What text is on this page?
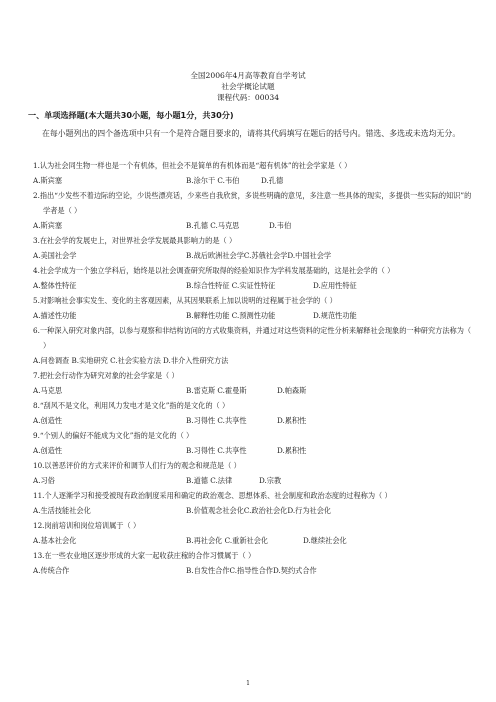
全国2006年4月高等教育自学考试
社会学概论试题
课程代码：00034
一、单项选择题(本大题共30小题，每小题1分，共30分)
在每小题列出的四个备选项中只有一个是符合题目要求的，请将其代码填写在题后的括号内。错选、多选或未选均无分。
1.认为社会同生物一样也是一个有机体，但社会不是简单的有机体而是“超有机体”的社会学家是（ ）
A.斯宾塞	B.涂尔干 C.韦伯	D.孔德
2.指出“少发些不着边际的空论，少说些漂亮话，少来些自我欣赏，多说些明确的意见，多注意一些具体的现实，多提供一些实际的知识”的学者是（ ）
A.斯宾塞	B.孔德 C.马克思	D.韦伯
3.在社会学的发展史上，对世界社会学发展最具影响力的是（ ）
A.美国社会学	B.战后欧洲社会学C.苏俄社会学D.中国社会学
4.社会学成为一个独立学科后，始终是以社会调查研究所取得的经验知识作为学科发展基础的，这是社会学的（ ）
A.整体性特征	B.综合性特征 C.实证性特征	D.应用性特征
5.对影响社会事实发生、变化的主客观因素，从其因果联系上加以说明的过程属于社会学的（ ）
A.描述性功能	B.解释性功能 C.预测性功能	D.规范性功能
6.一种深入研究对象内部，以参与观察和非结构访问的方式收集资料，并通过对这些资料的定性分析来解释社会现象的一种研究方法称为（ ）
A.问卷调查 B.实地研究 C.社会实验方法 D.非介入性研究方法
7.把社会行动作为研究对象的社会学家是（ ）
A.马克思	B.雷克斯 C.霍曼斯	D.帕森斯
8.“刮风不是文化，利用风力发电才是文化”指的是文化的（ ）
A.创造性	B.习得性 C.共享性	D.累积性
9.“个别人的偏好不能成为文化”指的是文化的（ ）
A.创造性	B.习得性 C.共享性	D.累积性
10.以善恶评价的方式来评价和调节人们行为的观念和规范是（ ）
A.习俗	B.道德 C.法律	D.宗教
11.个人逐渐学习和接受被现有政治制度采用和确定的政治观念、思想体系、社会制度和政治态度的过程称为（ ）
A.生活技能社会化	B.价值观念社会化C.政治社会化D.行为社会化
12.岗前培训和岗位培训属于（ ）
A.基本社会化	B.再社会化 C.重新社会化	D.继续社会化
13.在一些农业地区逐步形成的大家一起收获庄稼的合作习惯属于（ ）
A.传统合作	B.自发性合作C.指导性合作D.契约式合作
1
